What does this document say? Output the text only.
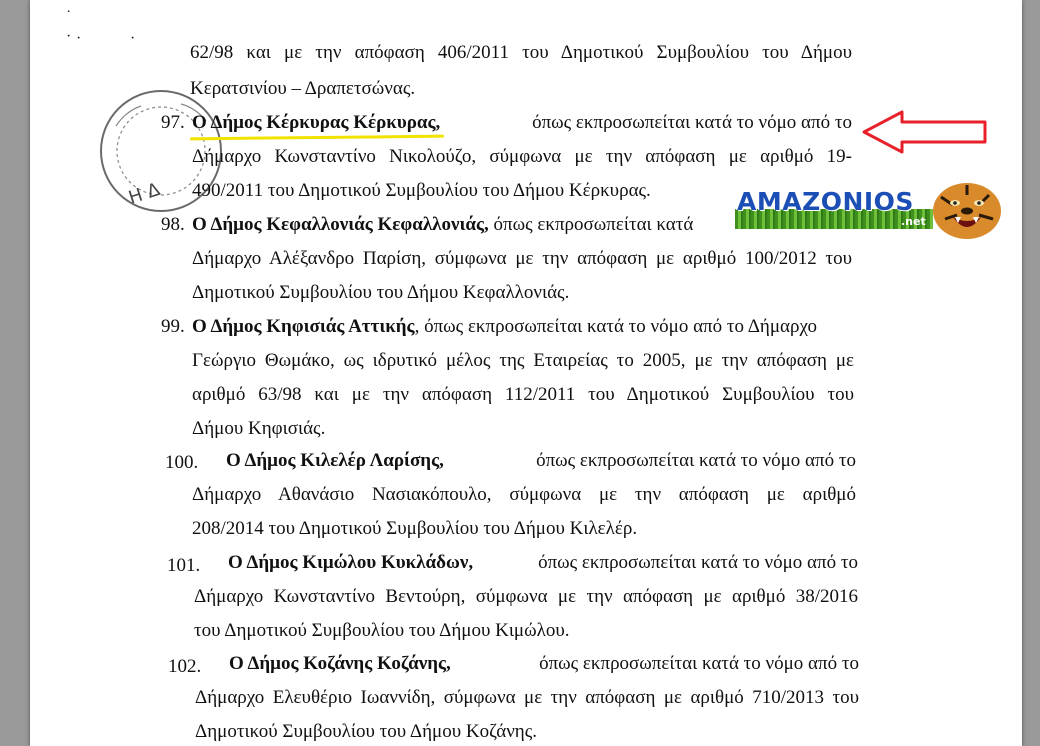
˙
· ·	·
Η Δ
62/98 και με την απόφαση 406/2011 του Δημοτικού Συμβουλίου του Δήμου
Κερατσινίου – Δραπετσώνας.
97. Ο Δήμος Κέρκυρας Κέρκυρας,	όπως εκπροσωπείται κατά το νόμο από το
Δήμαρχο Κωνσταντίνο Νικολούζο, σύμφωνα με την απόφαση με αριθμό 19-
490/2011 του Δημοτικού Συμβουλίου του Δήμου Κέρκυρας.
98. Ο Δήμος Κεφαλλονιάς Κεφαλλονιάς, όπως εκπροσωπείται κατά
Δήμαρχο Αλέξανδρο Παρίση, σύμφωνα με την απόφαση με αριθμό 100/2012 του
Δημοτικού Συμβουλίου του Δήμου Κεφαλλονιάς.
99. Ο Δήμος Κηφισιάς Αττικής, όπως εκπροσωπείται κατά το νόμο από το Δήμαρχο
Γεώργιο Θωμάκο, ως ιδρυτικό μέλος της Εταιρείας το 2005, με την απόφαση με
αριθμό 63/98 και με την απόφαση 112/2011 του Δημοτικού Συμβουλίου του
Δήμου Κηφισιάς.
100. Ο Δήμος Κιλελέρ Λαρίσης,	όπως εκπροσωπείται κατά το νόμο από το
Δήμαρχο Αθανάσιο Νασιακόπουλο, σύμφωνα με την απόφαση με αριθμό
208/2014 του Δημοτικού Συμβουλίου του Δήμου Κιλελέρ.
101. Ο Δήμος Κιμώλου Κυκλάδων,	όπως εκπροσωπείται κατά το νόμο από το
Δήμαρχο Κωνσταντίνο Βεντούρη, σύμφωνα με την απόφαση με αριθμό 38/2016
του Δημοτικού Συμβουλίου του Δήμου Κιμώλου.
102. Ο Δήμος Κοζάνης Κοζάνης,	όπως εκπροσωπείται κατά το νόμο από το
Δήμαρχο Ελευθέριο Ιωαννίδη, σύμφωνα με την απόφαση με αριθμό 710/2013 του
Δημοτικού Συμβουλίου του Δήμου Κοζάνης.
AMAZONIOS
.net
